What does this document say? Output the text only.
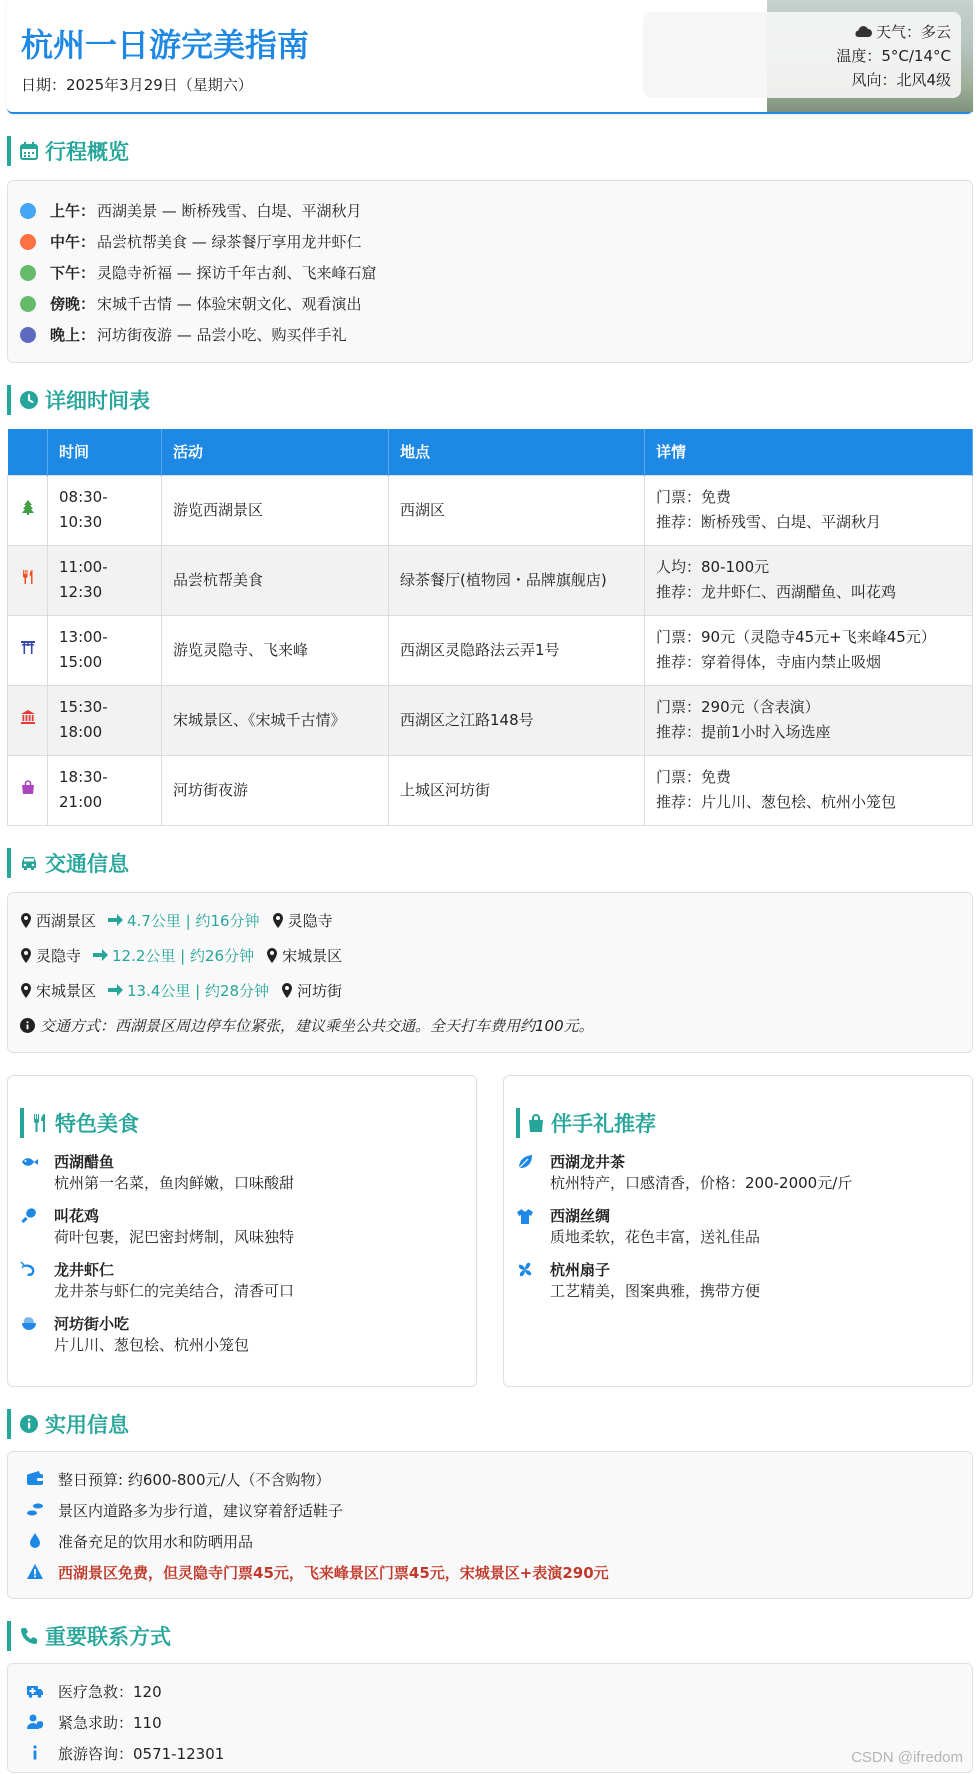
杭州一日游完美指南
日期：2025年3月29日（星期六）
天气：多云
温度：5°C/14°C
风向：北风4级
行程概览
上午： 西湖美景 — 断桥残雪、白堤、平湖秋月
中午： 品尝杭帮美食 — 绿茶餐厅享用龙井虾仁
下午： 灵隐寺祈福 — 探访千年古刹、飞来峰石窟
傍晚： 宋城千古情 — 体验宋朝文化、观看演出
晚上： 河坊街夜游 — 品尝小吃、购买伴手礼
详细时间表
	时间	活动	地点	详情
	08:30-10:30	游览西湖景区	西湖区	门票：免费
推荐：断桥残雪、白堤、平湖秋月

	11:00-12:30	品尝杭帮美食	绿茶餐厅(植物园・品牌旗舰店)	人均：80-100元
推荐：龙井虾仁、西湖醋鱼、叫花鸡

	13:00-15:00	游览灵隐寺、飞来峰	西湖区灵隐路法云弄1号	门票：90元（灵隐寺45元+飞来峰45元）
推荐：穿着得体，寺庙内禁止吸烟

	15:30-18:00	宋城景区、《宋城千古情》	西湖区之江路148号	门票：290元（含表演）
推荐：提前1小时入场选座

	18:30-21:00	河坊街夜游	上城区河坊街	门票：免费
推荐：片儿川、葱包桧、杭州小笼包
交通信息
西湖景区 4.7公里 | 约16分钟 灵隐寺
灵隐寺 12.2公里 | 约26分钟 宋城景区
宋城景区 13.4公里 | 约28分钟 河坊街
交通方式：西湖景区周边停车位紧张，建议乘坐公共交通。全天打车费用约100元。
特色美食
西湖醋鱼
杭州第一名菜，鱼肉鲜嫩，口味酸甜
叫花鸡
荷叶包裹，泥巴密封烤制，风味独特
龙井虾仁
龙井茶与虾仁的完美结合，清香可口
河坊街小吃
片儿川、葱包桧、杭州小笼包
伴手礼推荐
西湖龙井茶
杭州特产，口感清香，价格：200-2000元/斤
西湖丝绸
质地柔软，花色丰富，送礼佳品
杭州扇子
工艺精美，图案典雅，携带方便
实用信息
整日预算: 约600-800元/人（不含购物）
景区内道路多为步行道，建议穿着舒适鞋子
准备充足的饮用水和防晒用品
西湖景区免费，但灵隐寺门票45元，飞来峰景区门票45元，宋城景区+表演290元
重要联系方式
医疗急救：120
紧急求助：110
旅游咨询：0571-12301	CSDN @ifredom
